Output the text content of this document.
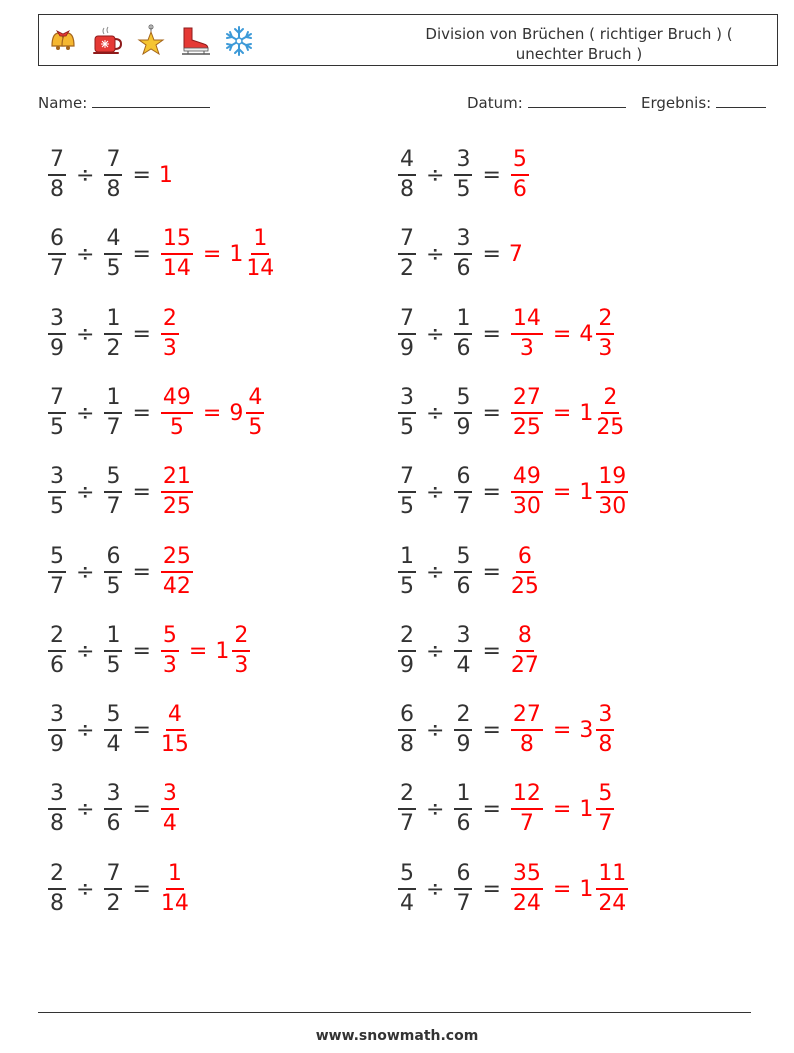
Division von Brüchen ( richtiger Bruch ) ( unechter Bruch )
Name:	Datum:	Ergebnis:
$\frac{7}{8} \div \frac{7}{8} = 1$	$\frac{4}{8} \div \frac{3}{5} = \frac{5}{6}$
$\frac{6}{7} \div \frac{4}{5} = \frac{15}{14} = 1 \frac{1}{14}$	$\frac{7}{2} \div \frac{3}{6} = 7$
$\frac{3}{9} \div \frac{1}{2} = \frac{2}{3}$	$\frac{7}{9} \div \frac{1}{6} = \frac{14}{3} = 4 \frac{2}{3}$
$\frac{7}{5} \div \frac{1}{7} = \frac{49}{5} = 9 \frac{4}{5}$	$\frac{3}{5} \div \frac{5}{9} = \frac{27}{25} = 1 \frac{2}{25}$
$\frac{3}{5} \div \frac{5}{7} = \frac{21}{25}$	$\frac{7}{5} \div \frac{6}{7} = \frac{49}{30} = 1 \frac{19}{30}$
$\frac{5}{7} \div \frac{6}{5} = \frac{25}{42}$	$\frac{1}{5} \div \frac{5}{6} = \frac{6}{25}$
$\frac{2}{6} \div \frac{1}{5} = \frac{5}{3} = 1 \frac{2}{3}$	$\frac{2}{9} \div \frac{3}{4} = \frac{8}{27}$
$\frac{3}{9} \div \frac{5}{4} = \frac{4}{15}$	$\frac{6}{8} \div \frac{2}{9} = \frac{27}{8} = 3 \frac{3}{8}$
$\frac{3}{8} \div \frac{3}{6} = \frac{3}{4}$	$\frac{2}{7} \div \frac{1}{6} = \frac{12}{7} = 1 \frac{5}{7}$
$\frac{2}{8} \div \frac{7}{2} = \frac{1}{14}$	$\frac{5}{4} \div \frac{6}{7} = \frac{35}{24} = 1 \frac{11}{24}$
www.snowmath.com
